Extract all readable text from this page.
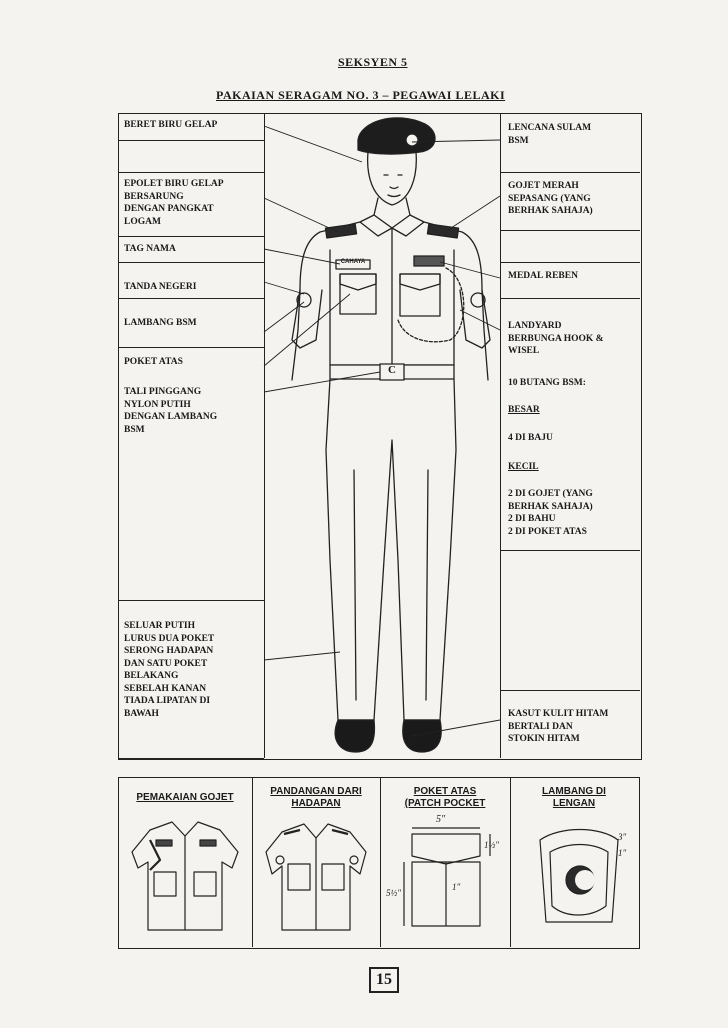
SEKSYEN 5
PAKAIAN SERAGAM NO. 3 – PEGAWAI LELAKI
BERET BIRU GELAP
EPOLET BIRU GELAP
BERSARUNG
DENGAN PANGKAT
LOGAM
TAG NAMA
TANDA NEGERI
LAMBANG BSM
POKET ATAS
TALI PINGGANG
NYLON PUTIH
DENGAN LAMBANG
BSM
SELUAR PUTIH
LURUS DUA POKET
SERONG HADAPAN
DAN SATU POKET
BELAKANG
SEBELAH KANAN
TIADA LIPATAN DI
BAWAH
LENCANA SULAM
BSM
GOJET MERAH
SEPASANG (YANG
BERHAK SAHAJA)
MEDAL REBEN
LANDYARD
BERBUNGA HOOK &
WISEL
10 BUTANG BSM:
BESAR
4 DI BAJU
KECIL
2 DI GOJET (YANG
BERHAK SAHAJA)
2 DI BAHU
2 DI POKET ATAS
KASUT KULIT HITAM
BERTALI DAN
STOKIN HITAM
CAHAYA
C
PEMAKAIAN GOJET
PANDANGAN DARI
HADAPAN
POKET ATAS
(PATCH POCKET
LAMBANG DI
LENGAN
5"
1½"
5½"
1"
3"
1"
15
